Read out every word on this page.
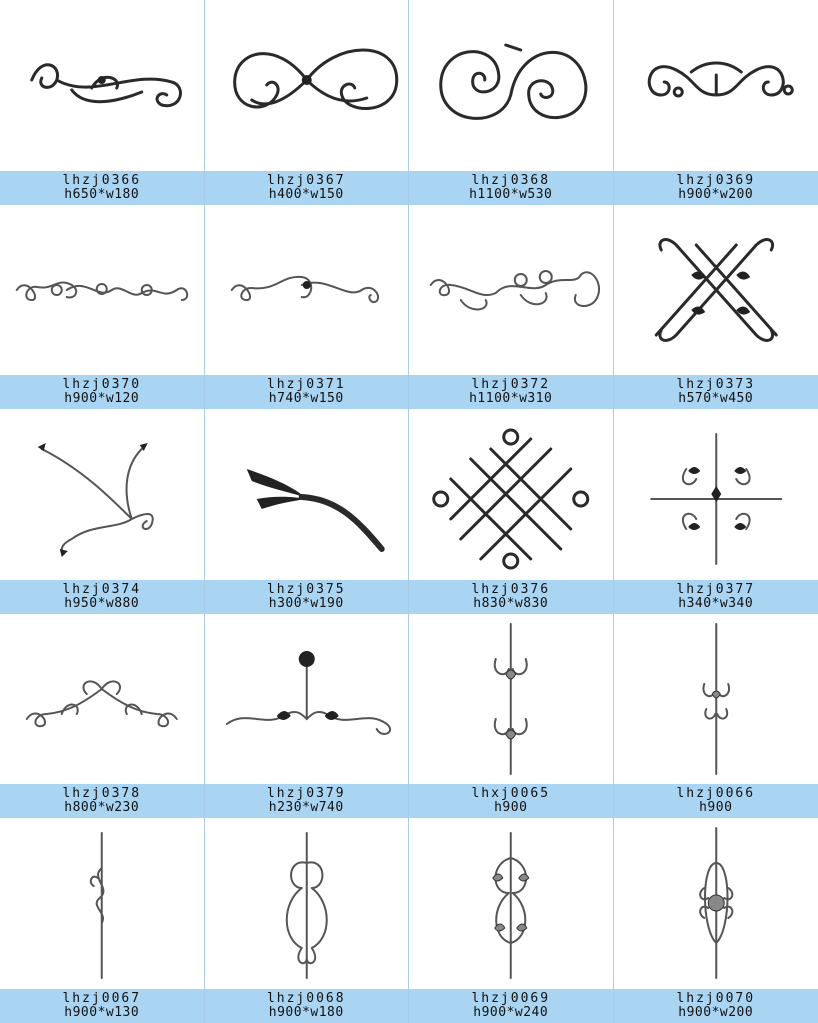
lhzj0366
h650*w180
lhzj0367
h400*w150
lhzj0368
h1100*w530
lhzj0369
h900*w200
lhzj0370
h900*w120
lhzj0371
h740*w150
lhzj0372
h1100*w310
lhzj0373
h570*w450
lhzj0374
h950*w880
lhzj0375
h300*w190
lhzj0376
h830*w830
lhzj0377
h340*w340
lhzj0378
h800*w230
lhzj0379
h230*w740
lhxj0065
h900
lhzj0066
h900
lhzj0067
h900*w130
lhzj0068
h900*w180
lhzj0069
h900*w240
lhzj0070
h900*w200
